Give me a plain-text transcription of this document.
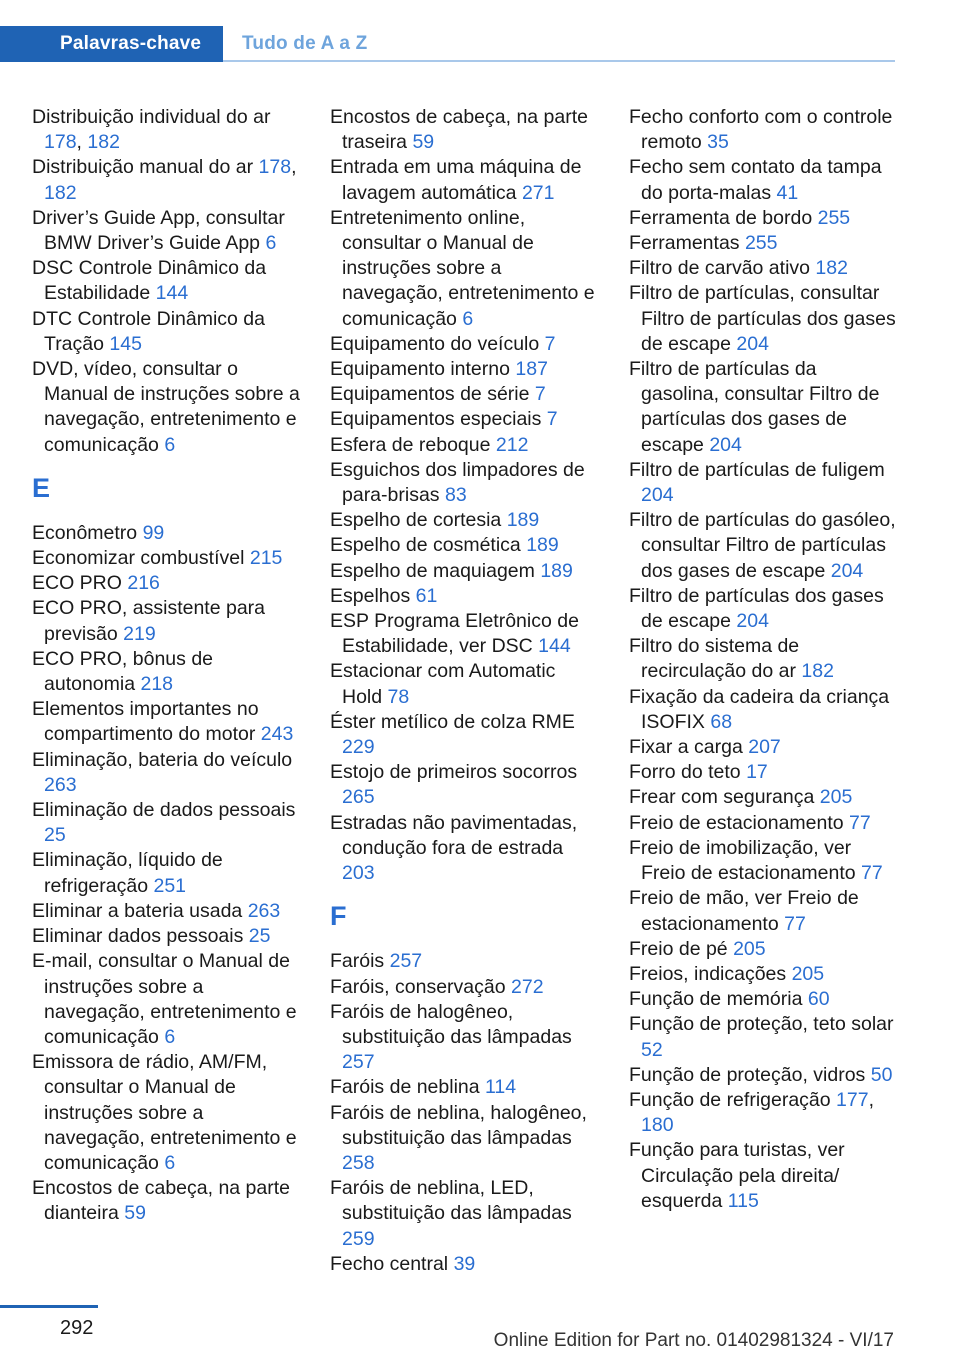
Palavras-chave	Tudo de A a Z
Distribuição individual do ar 178, 182
Distribuição manual do ar 178, 182
Driver’s Guide App, consultar BMW Driver’s Guide App 6
DSC Controle Dinâmico da Estabilidade 144
DTC Controle Dinâmico da Tração 145
DVD, vídeo, consultar o Manual de instruções sobre a navegação, entretenimento e comunicação 6
E
Econômetro 99
Economizar combustível 215
ECO PRO 216
ECO PRO, assistente para previsão 219
ECO PRO, bônus de autonomia 218
Elementos importantes no compartimento do motor 243
Eliminação, bateria do veículo 263
Eliminação de dados pessoais 25
Eliminação, líquido de refrigeração 251
Eliminar a bateria usada 263
Eliminar dados pessoais 25
E-mail, consultar o Manual de instruções sobre a navegação, entretenimento e comunicação 6
Emissora de rádio, AM/FM, consultar o Manual de instruções sobre a navegação, entretenimento e comunicação 6
Encostos de cabeça, na parte dianteira 59
Encostos de cabeça, na parte traseira 59
Entrada em uma máquina de lavagem automática 271
Entretenimento online, consultar o Manual de instruções sobre a navegação, entretenimento e comunicação 6
Equipamento do veículo 7
Equipamento interno 187
Equipamentos de série 7
Equipamentos especiais 7
Esfera de reboque 212
Esguichos dos limpadores de para-brisas 83
Espelho de cortesia 189
Espelho de cosmética 189
Espelho de maquiagem 189
Espelhos 61
ESP Programa Eletrônico de Estabilidade, ver DSC 144
Estacionar com Automatic Hold 78
Éster metílico de colza RME 229
Estojo de primeiros socorros 265
Estradas não pavimentadas, condução fora de estrada 203
F
Faróis 257
Faróis, conservação 272
Faróis de halogêneo, substituição das lâmpadas 257
Faróis de neblina 114
Faróis de neblina, halogêneo, substituição das lâmpadas 258
Faróis de neblina, LED, substituição das lâmpadas 259
Fecho central 39
Fecho conforto com o controle remoto 35
Fecho sem contato da tampa do porta-malas 41
Ferramenta de bordo 255
Ferramentas 255
Filtro de carvão ativo 182
Filtro de partículas, consultar Filtro de partículas dos gases de escape 204
Filtro de partículas da gasolina, consultar Filtro de partículas dos gases de escape 204
Filtro de partículas de fuligem 204
Filtro de partículas do gasóleo, consultar Filtro de partículas dos gases de escape 204
Filtro de partículas dos gases de escape 204
Filtro do sistema de recirculação do ar 182
Fixação da cadeira da criança ISOFIX 68
Fixar a carga 207
Forro do teto 17
Frear com segurança 205
Freio de estacionamento 77
Freio de imobilização, ver Freio de estacionamento 77
Freio de mão, ver Freio de estacionamento 77
Freio de pé 205
Freios, indicações 205
Função de memória 60
Função de proteção, teto solar 52
Função de proteção, vidros 50
Função de refrigeração 177, 180
Função para turistas, ver Circulação pela direita/ esquerda 115
292
Online Edition for Part no. 01402981324 - VI/17
